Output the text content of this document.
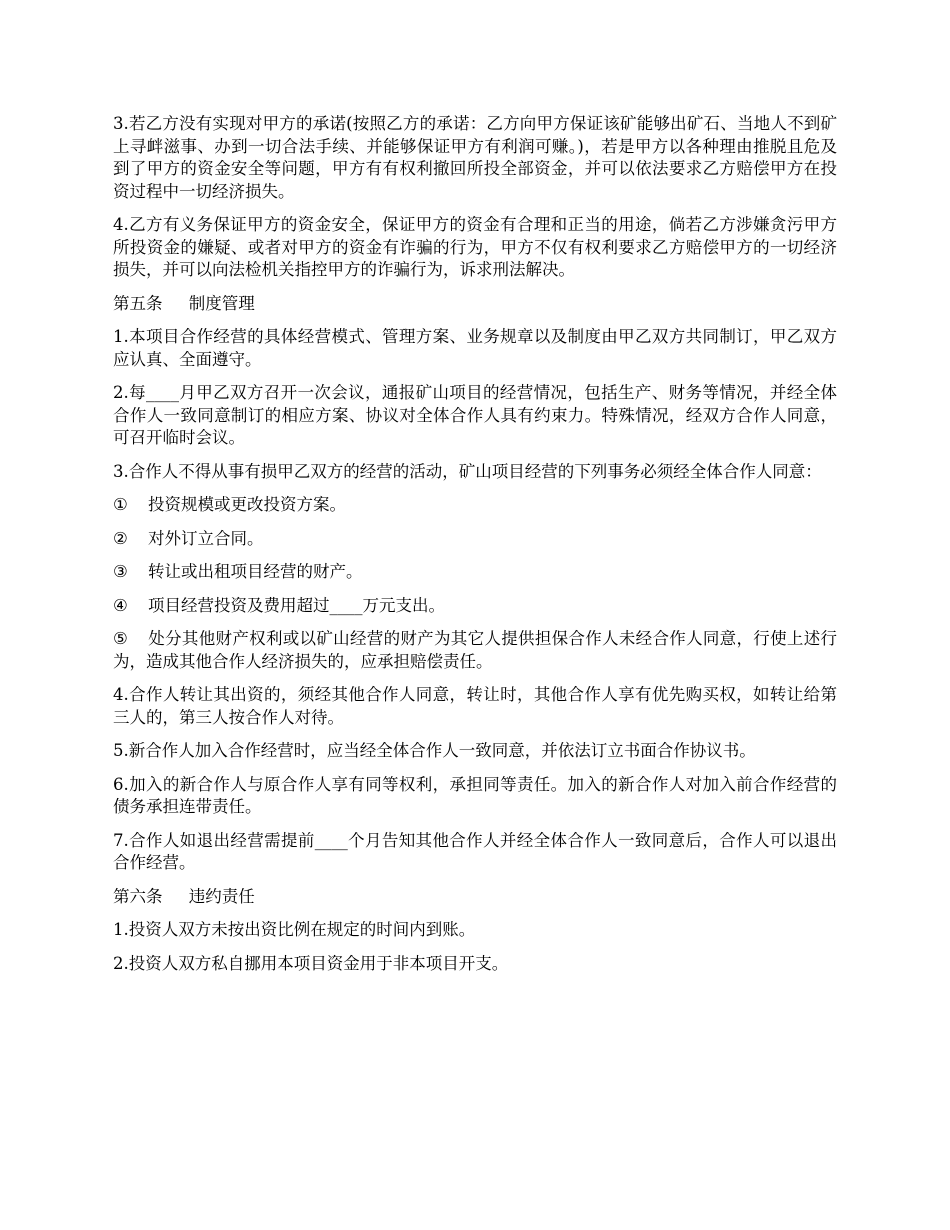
3.若乙方没有实现对甲方的承诺(按照乙方的承诺：乙方向甲方保证该矿能够出矿石、当地人不到矿上寻衅滋事、办到一切合法手续、并能够保证甲方有利润可赚。)，若是甲方以各种理由推脱且危及到了甲方的资金安全等问题，甲方有有权利撤回所投全部资金，并可以依法要求乙方赔偿甲方在投资过程中一切经济损失。

4.乙方有义务保证甲方的资金安全，保证甲方的资金有合理和正当的用途，倘若乙方涉嫌贪污甲方所投资金的嫌疑、或者对甲方的资金有诈骗的行为，甲方不仅有权利要求乙方赔偿甲方的一切经济损失，并可以向法检机关指控甲方的诈骗行为，诉求刑法解决。

第五条 制度管理

1.本项目合作经营的具体经营模式、管理方案、业务规章以及制度由甲乙双方共同制订，甲乙双方应认真、全面遵守。

2.每____月甲乙双方召开一次会议，通报矿山项目的经营情况，包括生产、财务等情况，并经全体合作人一致同意制订的相应方案、协议对全体合作人具有约束力。特殊情况，经双方合作人同意，可召开临时会议。

3.合作人不得从事有损甲乙双方的经营的活动，矿山项目经营的下列事务必须经全体合作人同意：

① 投资规模或更改投资方案。

② 对外订立合同。

③ 转让或出租项目经营的财产。

④ 项目经营投资及费用超过____万元支出。

⑤ 处分其他财产权利或以矿山经营的财产为其它人提供担保合作人未经合作人同意，行使上述行为，造成其他合作人经济损失的，应承担赔偿责任。

4.合作人转让其出资的，须经其他合作人同意，转让时，其他合作人享有优先购买权，如转让给第三人的，第三人按合作人对待。

5.新合作人加入合作经营时，应当经全体合作人一致同意，并依法订立书面合作协议书。

6.加入的新合作人与原合作人享有同等权利，承担同等责任。加入的新合作人对加入前合作经营的债务承担连带责任。

7.合作人如退出经营需提前____个月告知其他合作人并经全体合作人一致同意后，合作人可以退出合作经营。

第六条 违约责任

1.投资人双方未按出资比例在规定的时间内到账。

2.投资人双方私自挪用本项目资金用于非本项目开支。
